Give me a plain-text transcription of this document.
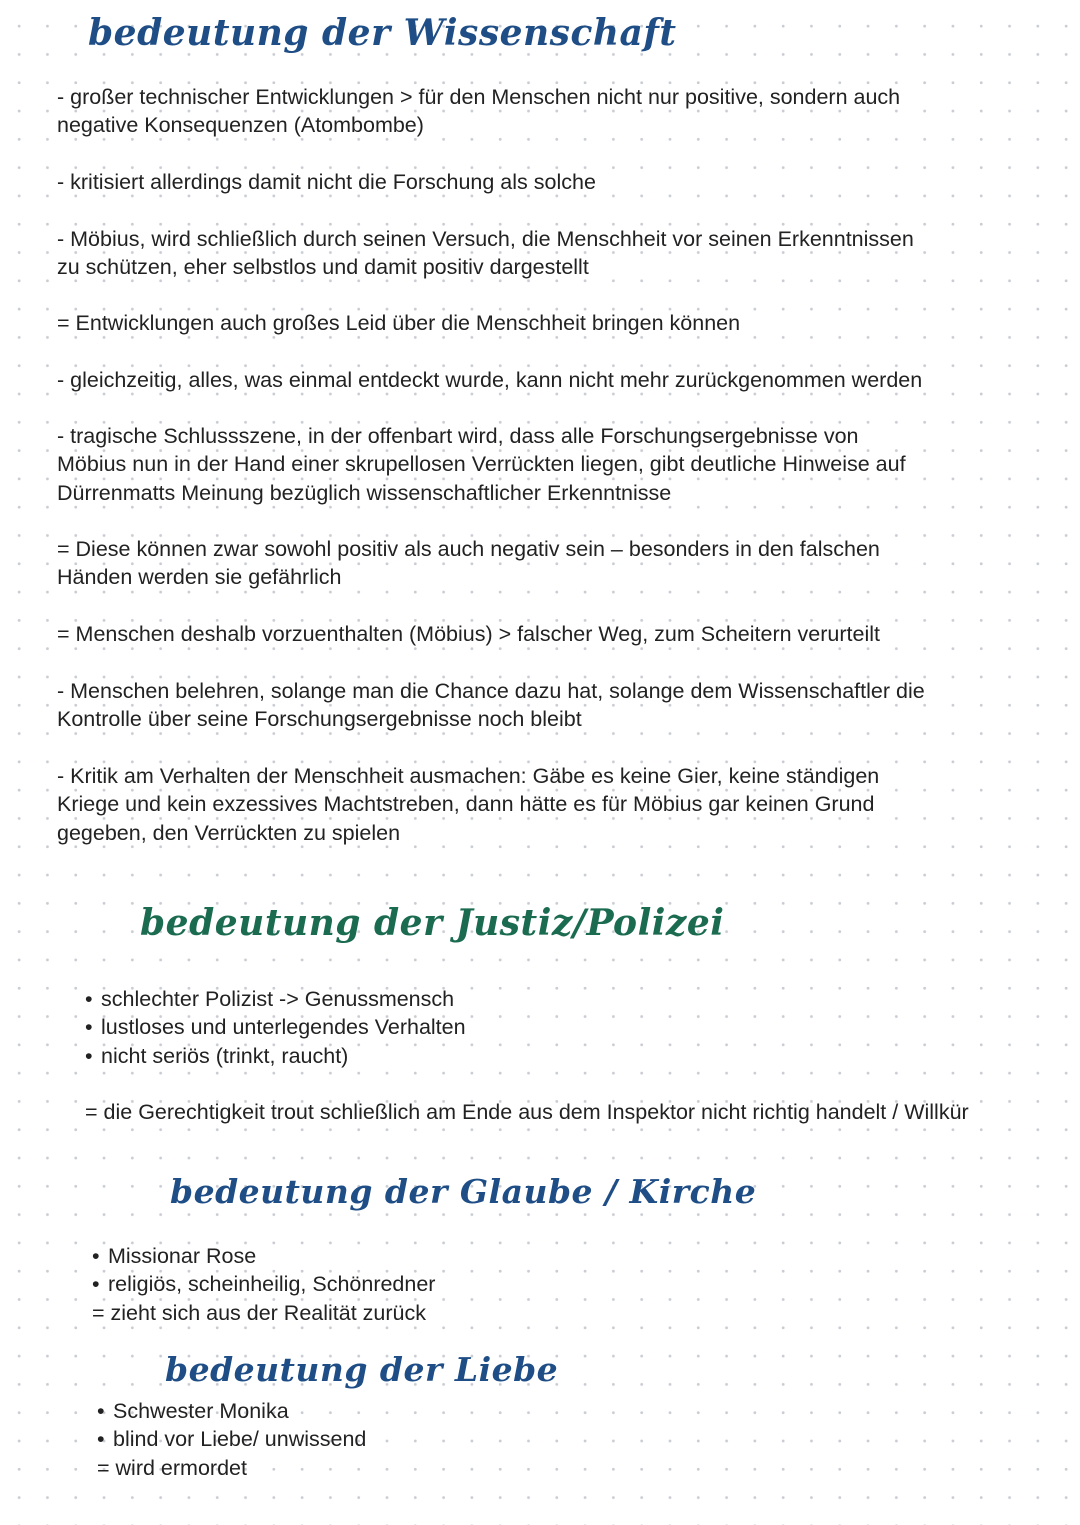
bedeutung der Wissenschaft

- großer technischer Entwicklungen > für den Menschen nicht nur positive, sondern auch
negative Konsequenzen (Atombombe)

- kritisiert allerdings damit nicht die Forschung als solche

- Möbius, wird schließlich durch seinen Versuch, die Menschheit vor seinen Erkenntnissen
zu schützen, eher selbstlos und damit positiv dargestellt

= Entwicklungen auch großes Leid über die Menschheit bringen können

- gleichzeitig, alles, was einmal entdeckt wurde, kann nicht mehr zurückgenommen werden

- tragische Schlussszene, in der offenbart wird, dass alle Forschungsergebnisse von
Möbius nun in der Hand einer skrupellosen Verrückten liegen, gibt deutliche Hinweise auf
Dürrenmatts Meinung bezüglich wissenschaftlicher Erkenntnisse

= Diese können zwar sowohl positiv als auch negativ sein – besonders in den falschen
Händen werden sie gefährlich

= Menschen deshalb vorzuenthalten (Möbius) > falscher Weg, zum Scheitern verurteilt

- Menschen belehren, solange man die Chance dazu hat, solange dem Wissenschaftler die
Kontrolle über seine Forschungsergebnisse noch bleibt

- Kritik am Verhalten der Menschheit ausmachen: Gäbe es keine Gier, keine ständigen
Kriege und kein exzessives Machtstreben, dann hätte es für Möbius gar keinen Grund
gegeben, den Verrückten zu spielen

bedeutung der Justiz/Polizei
• schlechter Polizist -> Genussmensch
• lustloses und unterlegendes Verhalten
• nicht seriös (trinkt, raucht)

= die Gerechtigkeit trout schließlich am Ende aus dem Inspektor nicht richtig handelt / Willkür

bedeutung der Glaube / Kirche
• Missionar Rose
• religiös, scheinheilig, Schönredner

= zieht sich aus der Realität zurück

bedeutung der Liebe
• Schwester Monika
• blind vor Liebe/ unwissend

= wird ermordet
